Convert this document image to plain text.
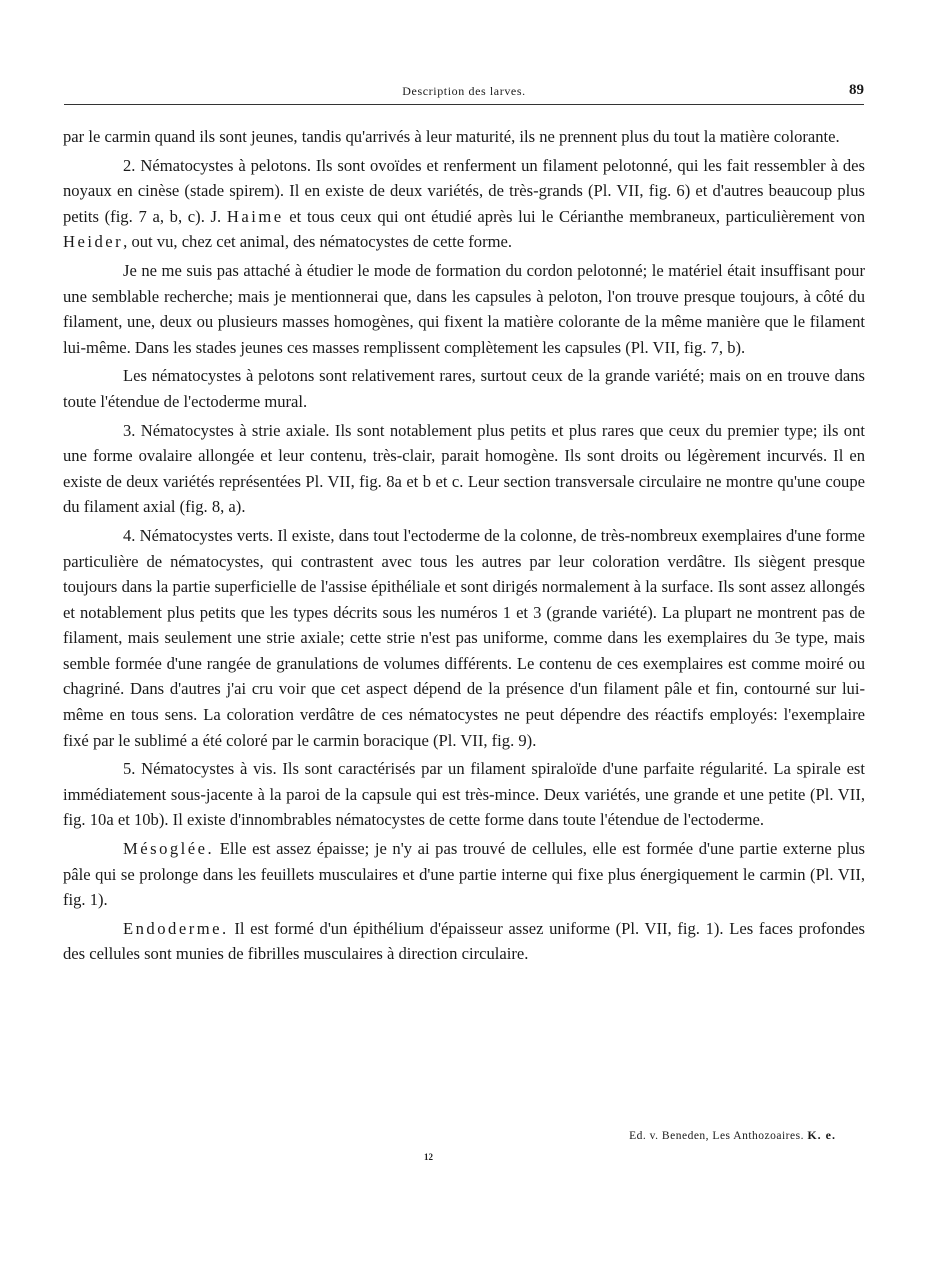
Description des larves.	89

par le carmin quand ils sont jeunes, tandis qu'arrivés à leur maturité, ils ne prennent plus du tout la matière colorante.

2. Nématocystes à pelotons. Ils sont ovoïdes et renferment un filament pelotonné, qui les fait ressembler à des noyaux en cinèse (stade spirem). Il en existe de deux variétés, de très-grands (Pl. VII, fig. 6) et d'autres beaucoup plus petits (fig. 7 a, b, c). J. Haime et tous ceux qui ont étudié après lui le Cérianthe membraneux, particulièrement von Heider, out vu, chez cet animal, des nématocystes de cette forme.

Je ne me suis pas attaché à étudier le mode de formation du cordon pelotonné; le matériel était insuffisant pour une semblable recherche; mais je mentionnerai que, dans les capsules à peloton, l'on trouve presque toujours, à côté du filament, une, deux ou plusieurs masses homogènes, qui fixent la matière colorante de la même manière que le filament lui-même. Dans les stades jeunes ces masses remplissent complètement les capsules (Pl. VII, fig. 7, b).

Les nématocystes à pelotons sont relativement rares, surtout ceux de la grande variété; mais on en trouve dans toute l'étendue de l'ectoderme mural.

3. Nématocystes à strie axiale. Ils sont notablement plus petits et plus rares que ceux du premier type; ils ont une forme ovalaire allongée et leur contenu, très-clair, parait homogène. Ils sont droits ou légèrement incurvés. Il en existe de deux variétés représentées Pl. VII, fig. 8a et b et c. Leur section transversale circulaire ne montre qu'une coupe du filament axial (fig. 8, a).

4. Nématocystes verts. Il existe, dans tout l'ectoderme de la colonne, de très-nombreux exemplaires d'une forme particulière de nématocystes, qui contrastent avec tous les autres par leur coloration verdâtre. Ils siègent presque toujours dans la partie superficielle de l'assise épithéliale et sont dirigés normalement à la surface. Ils sont assez allongés et notablement plus petits que les types décrits sous les numéros 1 et 3 (grande variété). La plupart ne montrent pas de filament, mais seulement une strie axiale; cette strie n'est pas uniforme, comme dans les exemplaires du 3e type, mais semble formée d'une rangée de granulations de volumes différents. Le contenu de ces exemplaires est comme moiré ou chagriné. Dans d'autres j'ai cru voir que cet aspect dépend de la présence d'un filament pâle et fin, contourné sur lui-même en tous sens. La coloration verdâtre de ces nématocystes ne peut dépendre des réactifs employés: l'exemplaire fixé par le sublimé a été coloré par le carmin boracique (Pl. VII, fig. 9).

5. Nématocystes à vis. Ils sont caractérisés par un filament spiraloïde d'une parfaite régularité. La spirale est immédiatement sous-jacente à la paroi de la capsule qui est très-mince. Deux variétés, une grande et une petite (Pl. VII, fig. 10a et 10b). Il existe d'innombrables nématocystes de cette forme dans toute l'étendue de l'ectoderme.

Mésoglée. Elle est assez épaisse; je n'y ai pas trouvé de cellules, elle est formée d'une partie externe plus pâle qui se prolonge dans les feuillets musculaires et d'une partie interne qui fixe plus énergiquement le carmin (Pl. VII, fig. 1).

Endoderme. Il est formé d'un épithélium d'épaisseur assez uniforme (Pl. VII, fig. 1). Les faces profondes des cellules sont munies de fibrilles musculaires à direction circulaire.

Ed. v. Beneden, Les Anthozoaires. K. e.
12
